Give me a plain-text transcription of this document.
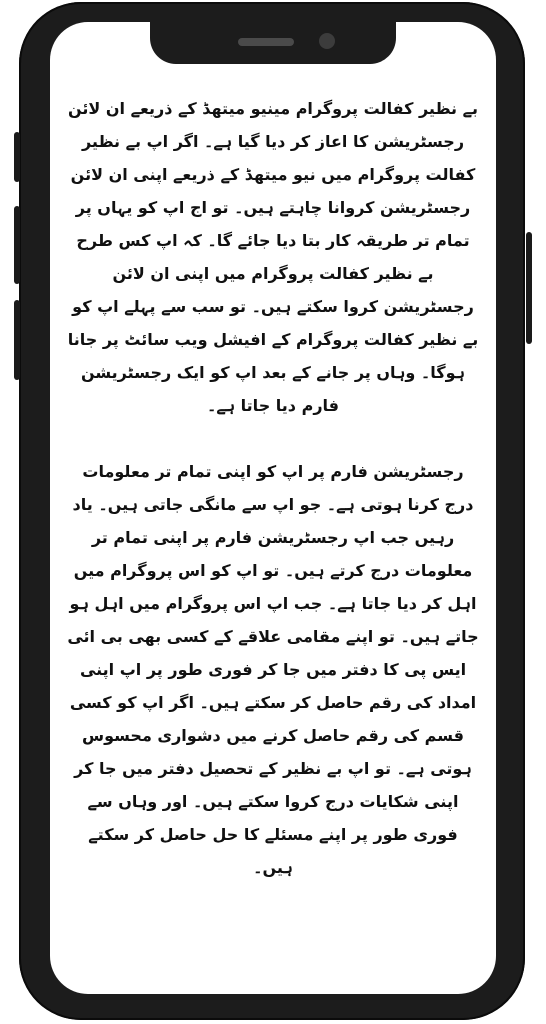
بے نظیر کفالت پروگرام مینیو میتھڈ کے ذریعے ان لائن رجسٹریشن کا اعاز کر دیا گیا ہے۔ اگر اپ بے نظیر کفالت پروگرام میں نیو میتھڈ کے ذریعے اپنی ان لائن رجسٹریشن کروانا چاہتے ہیں۔ تو اج اپ کو یہاں پر تمام تر طریقہ کار بتا دیا جائے گا۔ کہ اپ کس طرح بے نظیر کفالت پروگرام میں اپنی ان لائن رجسٹریشن کروا سکتے ہیں۔ تو سب سے پہلے اپ کو بے نظیر کفالت پروگرام کے افیشل ویب سائٹ پر جانا ہوگا۔ وہاں پر جانے کے بعد اپ کو ایک رجسٹریشن فارم دیا جاتا ہے۔

رجسٹریشن فارم پر اپ کو اپنی تمام تر معلومات درج کرنا ہوتی ہے۔ جو اپ سے مانگی جاتی ہیں۔ یاد رہیں جب اپ رجسٹریشن فارم پر اپنی تمام تر معلومات درج کرتے ہیں۔ تو اپ کو اس پروگرام میں اہل کر دیا جاتا ہے۔ جب اپ اس پروگرام میں اہل ہو جاتے ہیں۔ تو اپنے مقامی علاقے کے کسی بھی بی ائی ایس پی کا دفتر میں جا کر فوری طور پر اپ اپنی امداد کی رقم حاصل کر سکتے ہیں۔ اگر اپ کو کسی قسم کی رقم حاصل کرنے میں دشواری محسوس ہوتی ہے۔ تو اپ بے نظیر کے تحصیل دفتر میں جا کر اپنی شکایات درج کروا سکتے ہیں۔ اور وہاں سے فوری طور پر اپنے مسئلے کا حل حاصل کر سکتے ہیں۔
